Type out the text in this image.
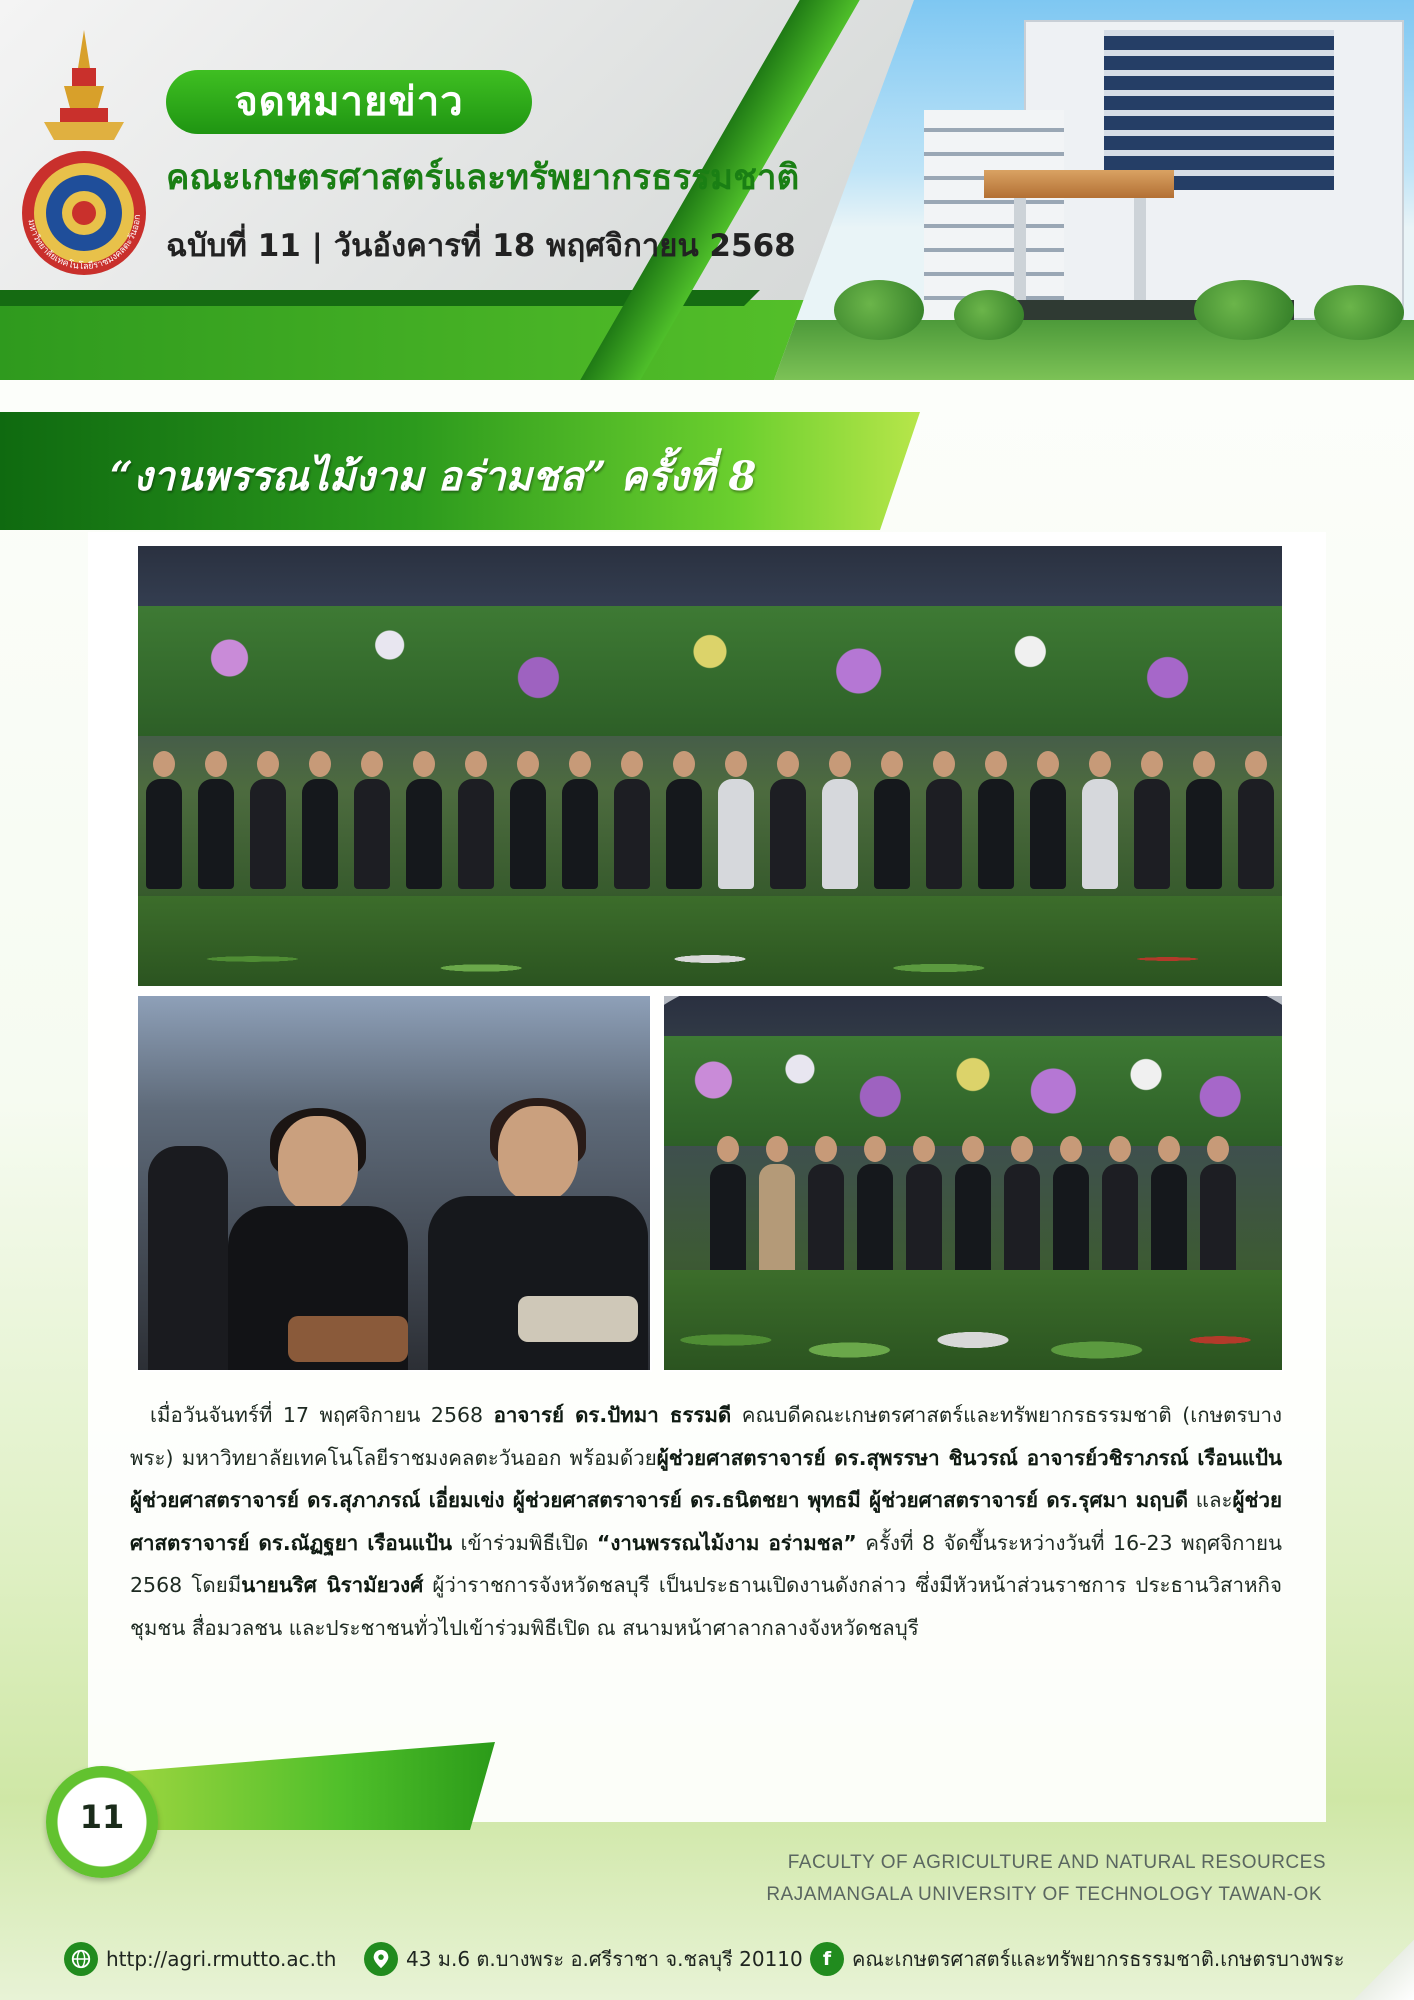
มหาวิทยาลัยเทคโนโลยีราชมงคลตะวันออก
จดหมายข่าว
คณะเกษตรศาสตร์และทรัพยากรธรรมชาติ
ฉบับที่ 11 | วันอังคารที่ 18 พฤศจิกายน 2568
“งานพรรณไม้งาม อร่ามชล” ครั้งที่ 8
เมื่อวันจันทร์ที่ 17 พฤศจิกายน 2568 อาจารย์ ดร.ปัทมา ธรรมดี คณบดีคณะเกษตรศาสตร์และทรัพยากรธรรมชาติ (เกษตรบางพระ) มหาวิทยาลัยเทคโนโลยีราชมงคลตะวันออก พร้อมด้วยผู้ช่วยศาสตราจารย์ ดร.สุพรรษา ชินวรณ์ อาจารย์วชิราภรณ์ เรือนแป้น ผู้ช่วยศาสตราจารย์ ดร.สุภาภรณ์ เอี่ยมเข่ง ผู้ช่วยศาสตราจารย์ ดร.ธนิตชยา พุทธมี ผู้ช่วยศาสตราจารย์ ดร.รุศมา มฤบดี และผู้ช่วยศาสตราจารย์ ดร.ณัฏฐยา เรือนแป้น เข้าร่วมพิธีเปิด “งานพรรณไม้งาม อร่ามชล” ครั้งที่ 8 จัดขึ้นระหว่างวันที่ 16-23 พฤศจิกายน 2568 โดยมีนายนริศ นิรามัยวงศ์ ผู้ว่าราชการจังหวัดชลบุรี เป็นประธานเปิดงานดังกล่าว ซึ่งมีหัวหน้าส่วนราชการ ประธานวิสาหกิจชุมชน สื่อมวลชน และประชาชนทั่วไปเข้าร่วมพิธีเปิด ณ สนามหน้าศาลากลางจังหวัดชลบุรี
11
FACULTY OF AGRICULTURE AND NATURAL RESOURCES
RAJAMANGALA UNIVERSITY OF TECHNOLOGY TAWAN-OK
http://agri.rmutto.ac.th	43 ม.6 ต.บางพระ อ.ศรีราชา จ.ชลบุรี 20110	f	คณะเกษตรศาสตร์และทรัพยากรธรรมชาติ.เกษตรบางพระ
